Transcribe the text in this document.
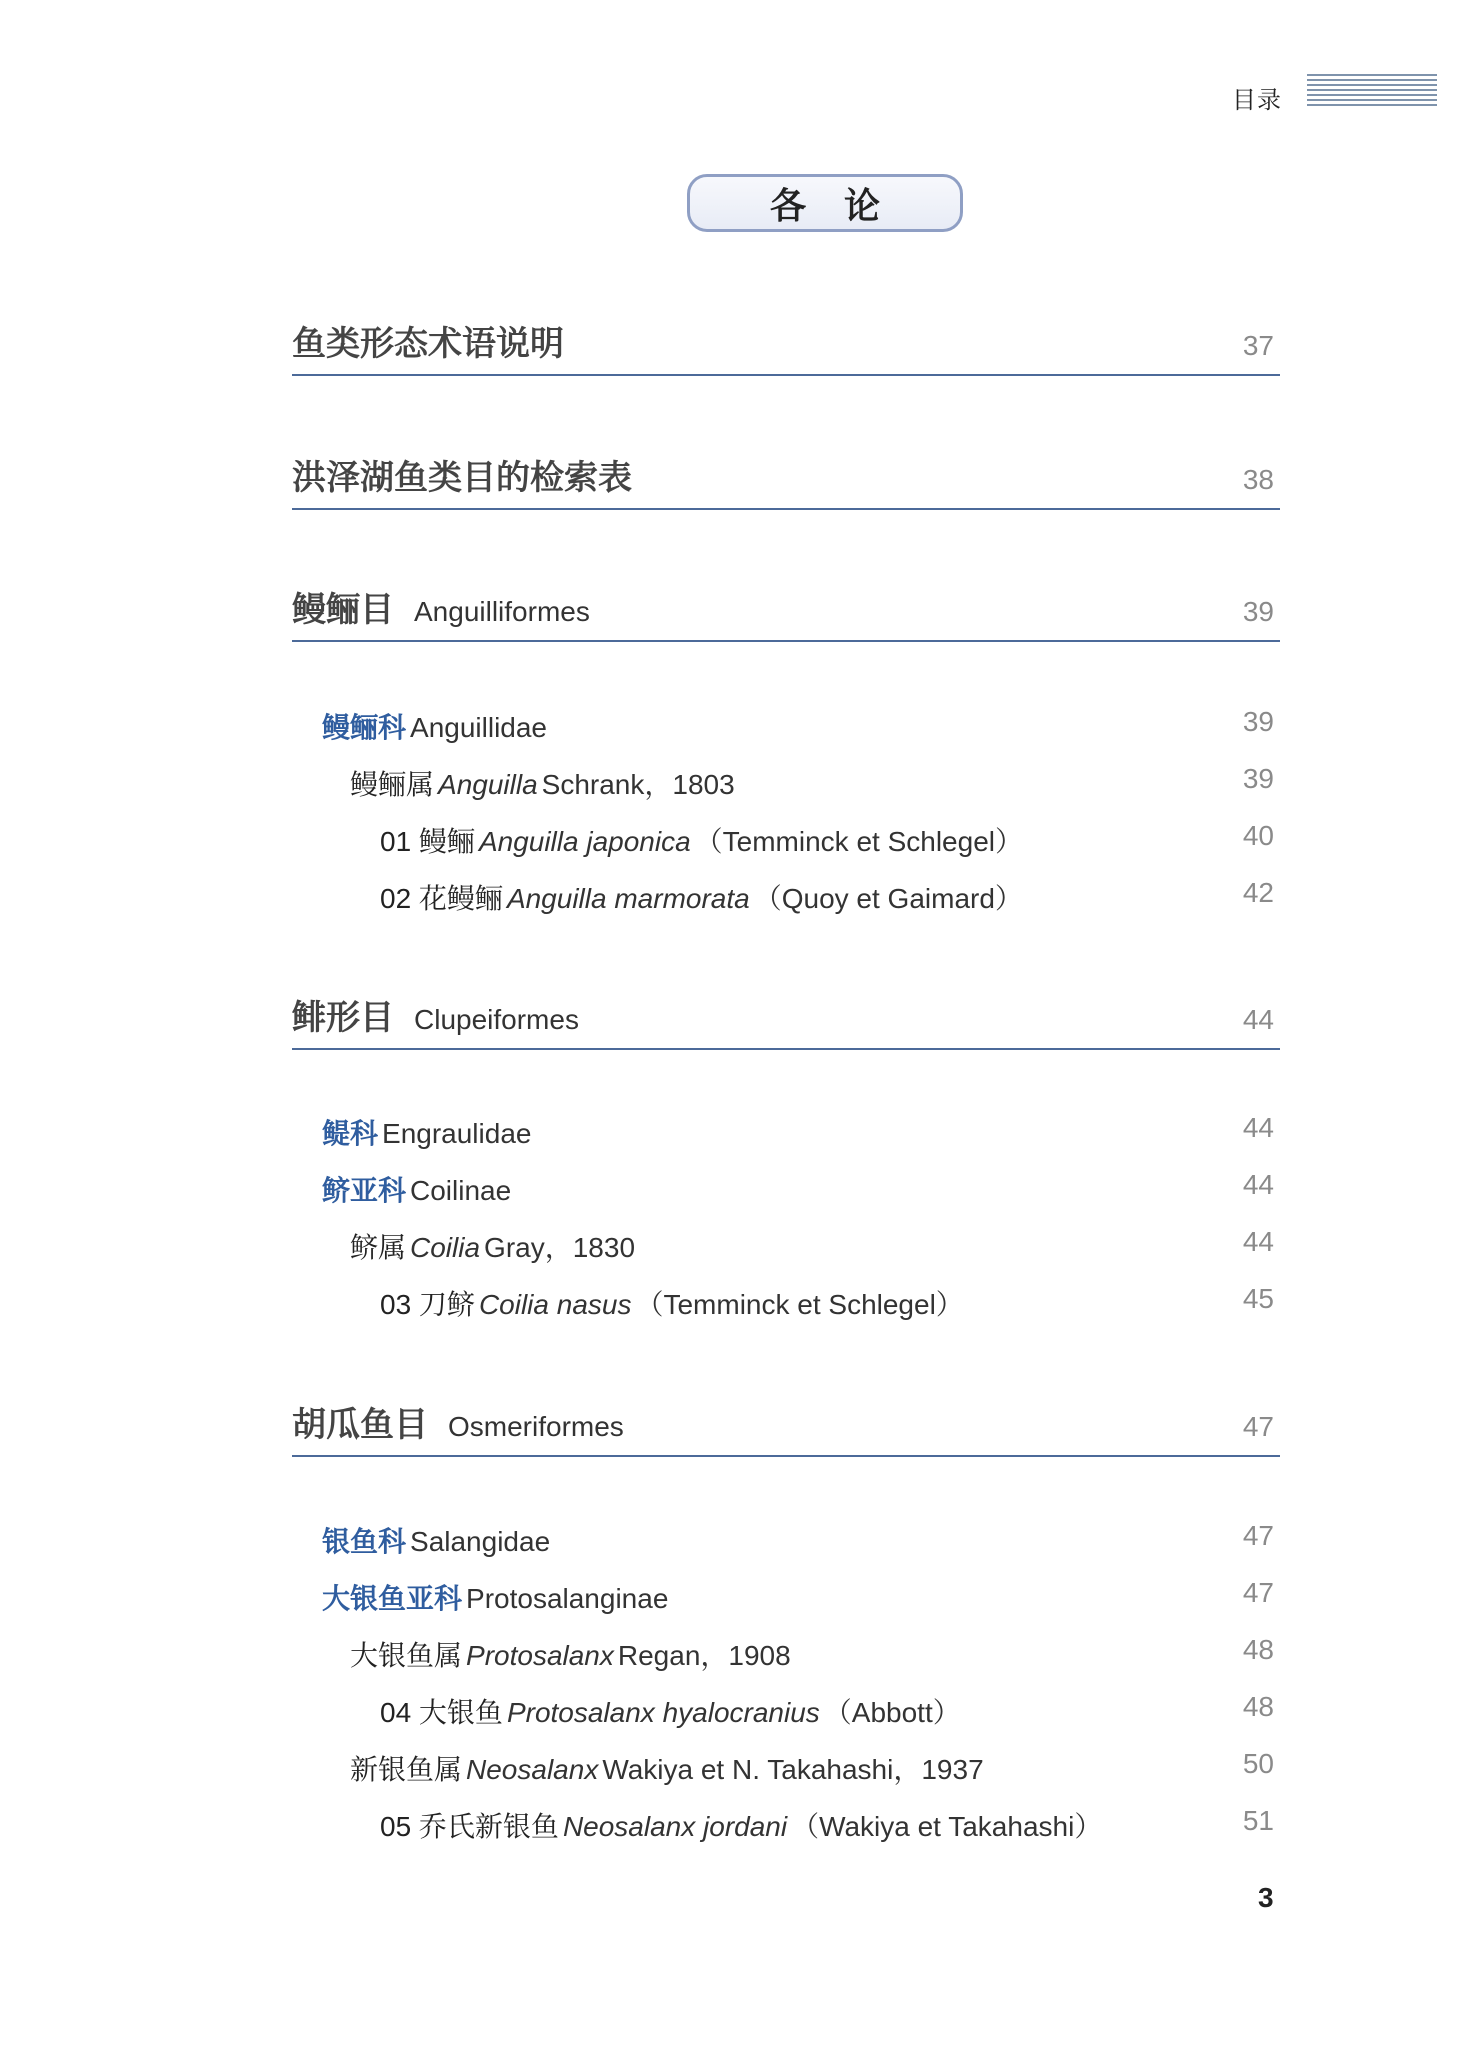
目录
各论
鱼类形态术语说明	37
洪泽湖鱼类目的检索表	38
鳗鲡目 Anguilliformes	39
鳗鲡科 Anguillidae	39
鳗鲡属 Anguilla Schrank，1803	39
01 鳗鲡 Anguilla japonica （Temminck et Schlegel）	40
02 花鳗鲡 Anguilla marmorata （Quoy et Gaimard）	42
鲱形目 Clupeiformes	44
鳀科 Engraulidae	44
鲚亚科 Coilinae	44
鲚属 Coilia Gray，1830	44
03 刀鲚 Coilia nasus （Temminck et Schlegel）	45
胡瓜鱼目 Osmeriformes	47
银鱼科 Salangidae	47
大银鱼亚科 Protosalanginae	47
大银鱼属 Protosalanx Regan，1908	48
04 大银鱼 Protosalanx hyalocranius （Abbott）	48
新银鱼属 Neosalanx Wakiya et N. Takahashi，1937	50
05 乔氏新银鱼 Neosalanx jordani （Wakiya et Takahashi）	51
3
